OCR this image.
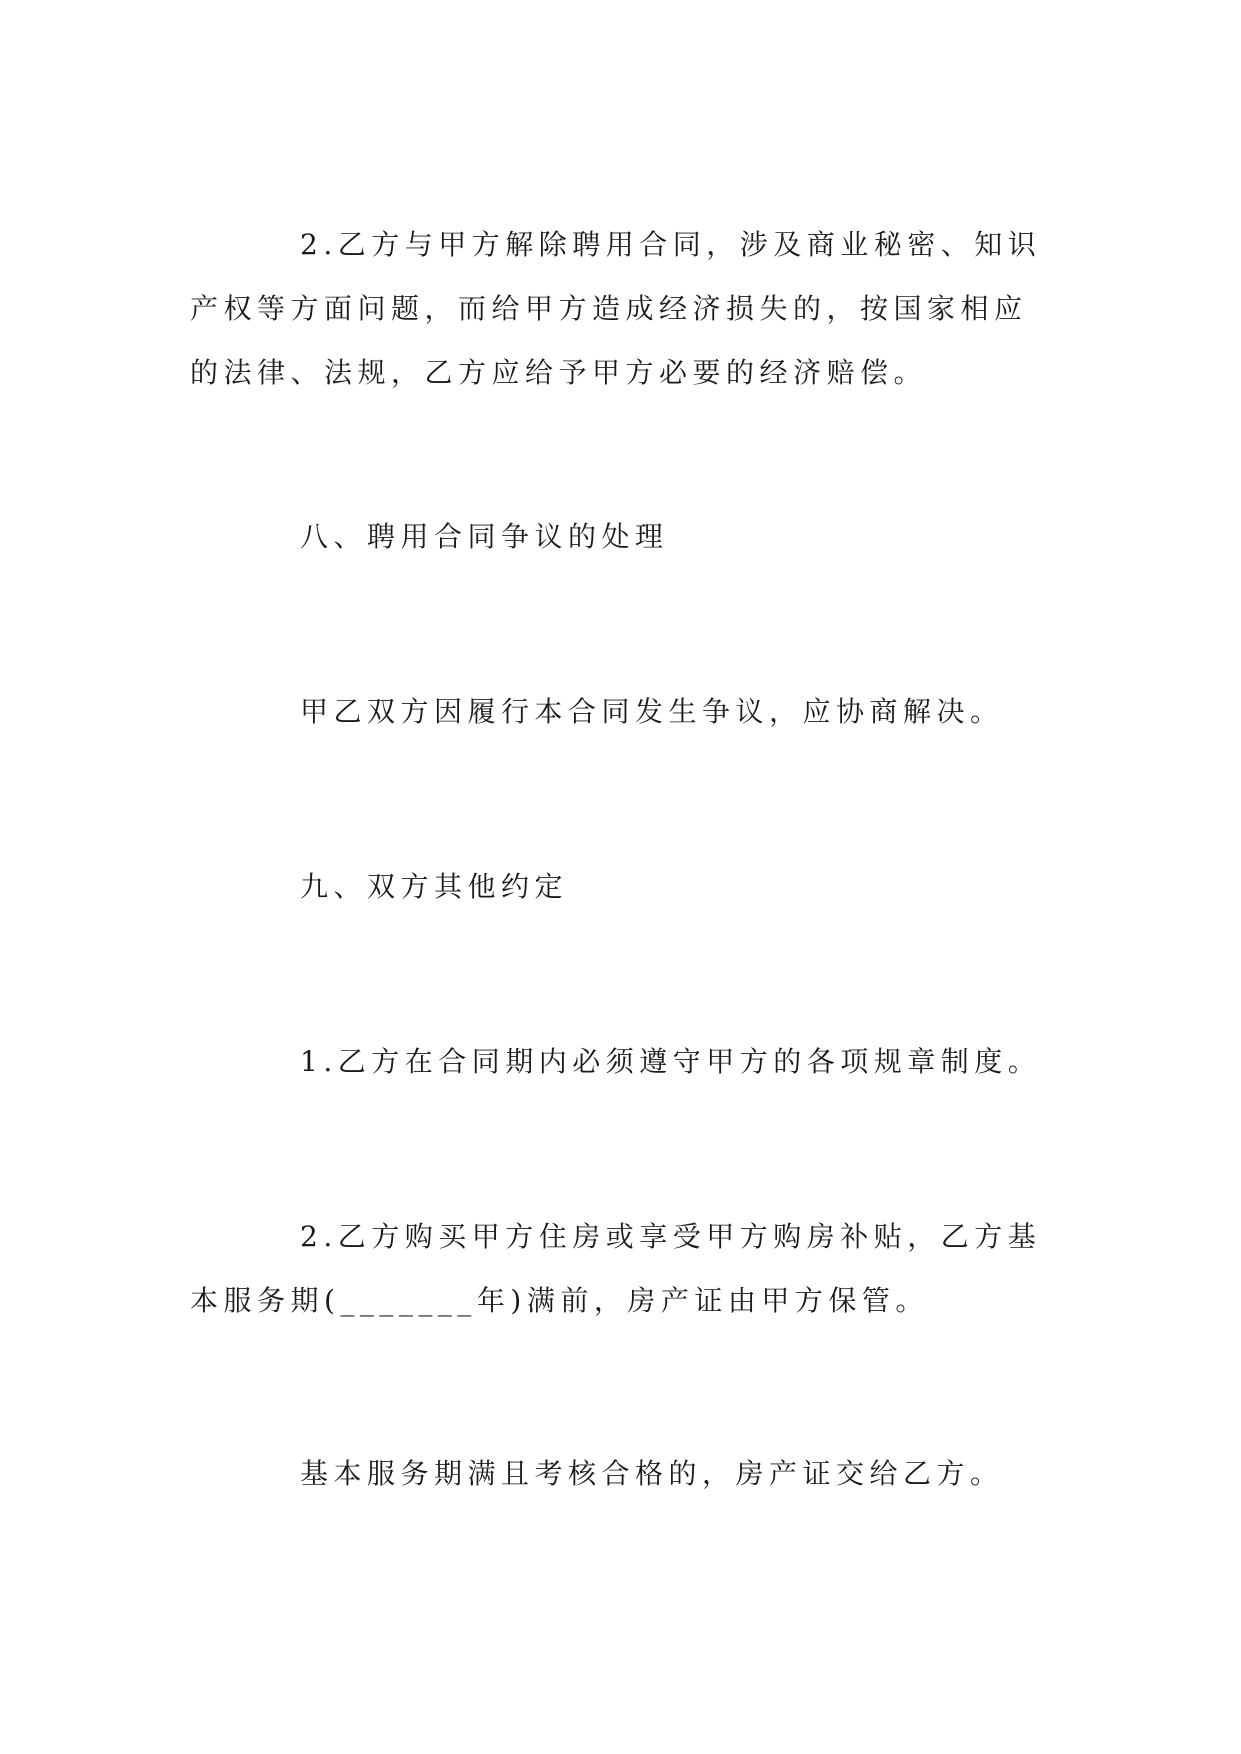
2.乙方与甲方解除聘用合同，涉及商业秘密、知识产权等方面问题，而给甲方造成经济损失的，按国家相应的法律、法规，乙方应给予甲方必要的经济赔偿。

八、聘用合同争议的处理

甲乙双方因履行本合同发生争议，应协商解决。

九、双方其他约定

1.乙方在合同期内必须遵守甲方的各项规章制度。

2.乙方购买甲方住房或享受甲方购房补贴，乙方基本服务期(_______年)满前，房产证由甲方保管。

基本服务期满且考核合格的，房产证交给乙方。
